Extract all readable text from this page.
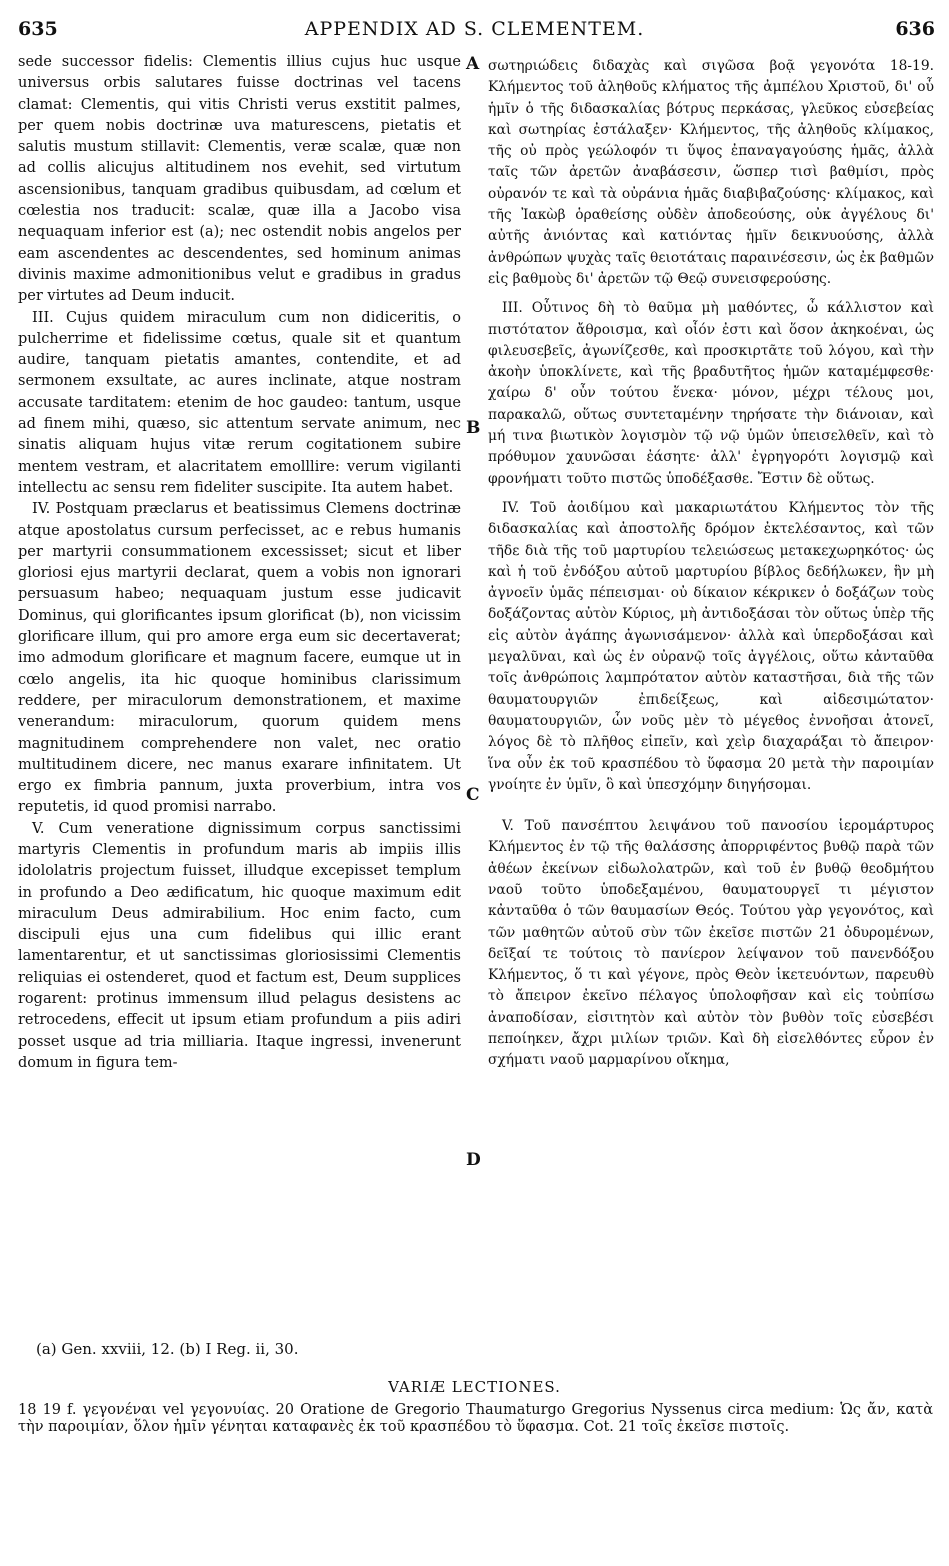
635	APPENDIX AD S. CLEMENTEM.	636

sede successor fidelis: Clementis illius cujus huc usque universus orbis salutares fuisse doctrinas vel tacens clamat: Clementis, qui vitis Christi verus exstitit palmes, per quem nobis doctrinæ uva maturescens, pietatis et salutis mustum stillavit: Clementis, veræ scalæ, quæ non ad collis alicujus altitudinem nos evehit, sed virtutum ascensionibus, tanquam gradibus quibusdam, ad cœlum et cœlestia nos traducit: scalæ, quæ illa a Jacobo visa nequaquam inferior est (a); nec ostendit nobis angelos per eam ascendentes ac descendentes, sed hominum animas divinis maxime admonitionibus velut e gradibus in gradus per virtutes ad Deum inducit.

III. Cujus quidem miraculum cum non didiceritis, o pulcherrime et fidelissime cœtus, quale sit et quantum audire, tanquam pietatis amantes, contendite, et ad sermonem exsultate, ac aures inclinate, atque nostram accusate tarditatem: etenim de hoc gaudeo: tantum, usque ad finem mihi, quæso, sic attentum servate animum, nec sinatis aliquam hujus vitæ rerum cogitationem subire mentem vestram, et alacritatem emolllire: verum vigilanti intellectu ac sensu rem fideliter suscipite. Ita autem habet.

IV. Postquam præclarus et beatissimus Clemens doctrinæ atque apostolatus cursum perfecisset, ac e rebus humanis per martyrii consummationem excessisset; sicut et liber gloriosi ejus martyrii declarat, quem a vobis non ignorari persuasum habeo; nequaquam justum esse judicavit Dominus, qui glorificantes ipsum glorificat (b), non vicissim glorificare illum, qui pro amore erga eum sic decertaverat; imo admodum glorificare et magnum facere, eumque ut in cœlo angelis, ita hic quoque hominibus clarissimum reddere, per miraculorum demonstrationem, et maxime venerandum: miraculorum, quorum quidem mens magnitudinem comprehendere non valet, nec oratio multitudinem dicere, nec manus exarare infinitatem. Ut ergo ex fimbria pannum, juxta proverbium, intra vos reputetis, id quod promisi narrabo.

V. Cum veneratione dignissimum corpus sanctissimi martyris Clementis in profundum maris ab impiis illis idololatris projectum fuisset, illudque excepisset templum in profundo a Deo ædificatum, hic quoque maximum edit miraculum Deus admirabilium. Hoc enim facto, cum discipuli ejus una cum fidelibus qui illic erant lamentarentur, et ut sanctissimas gloriosissimi Clementis reliquias ei ostenderet, quod et factum est, Deum supplices rogarent: protinus immensum illud pelagus desistens ac retrocedens, effecit ut ipsum etiam profundum a piis adiri posset usque ad tria milliaria. Itaque ingressi, invenerunt domum in figura tem-

A
B
C
D

σωτηριώδεις διδαχὰς καὶ σιγῶσα βοᾷ γεγονότα 18-19. Κλήμεντος τοῦ ἀληθοῦς κλήματος τῆς ἀμπέλου Χριστοῦ, δι' οὗ ἡμῖν ὁ τῆς διδασκαλίας βότρυς περκάσας, γλεῦκος εὐσεβείας καὶ σωτηρίας ἐστάλαξεν· Κλήμεντος, τῆς ἀληθοῦς κλίμακος, τῆς οὐ πρὸς γεώλοφόν τι ὕψος ἐπαναγαγούσης ἡμᾶς, ἀλλὰ ταῖς τῶν ἀρετῶν ἀναβάσεσιν, ὥσπερ τισὶ βαθμίσι, πρὸς οὐρανόν τε καὶ τὰ οὐράνια ἡμᾶς διαβιβαζούσης· κλίμακος, καὶ τῆς Ἰακὼβ ὁραθείσης οὐδὲν ἀποδεούσης, οὐκ ἀγγέλους δι' αὐτῆς ἀνιόντας καὶ κατιόντας ἡμῖν δεικνυούσης, ἀλλὰ ἀνθρώπων ψυχὰς ταῖς θειοτάταις παραινέσεσιν, ὡς ἐκ βαθμῶν εἰς βαθμοὺς δι' ἀρετῶν τῷ Θεῷ συνεισφερούσης.

III. Οὗτινος δὴ τὸ θαῦμα μὴ μαθόντες, ὦ κάλλιστον καὶ πιστότατον ἄθροισμα, καὶ οἷόν ἐστι καὶ ὅσον ἀκηκοέναι, ὡς φιλευσεβεῖς, ἀγωνίζεσθε, καὶ προσκιρτᾶτε τοῦ λόγου, καὶ τὴν ἀκοὴν ὑποκλίνετε, καὶ τῆς βραδυτῆτος ἡμῶν καταμέμφεσθε· χαίρω δ' οὖν τούτου ἕνεκα· μόνον, μέχρι τέλους μοι, παρακαλῶ, οὕτως συντεταμένην τηρήσατε τὴν διάνοιαν, καὶ μή τινα βιωτικὸν λογισμὸν τῷ νῷ ὑμῶν ὑπεισελθεῖν, καὶ τὸ πρόθυμον χαυνῶσαι ἐάσητε· ἀλλ' ἐγρηγορότι λογισμῷ καὶ φρονήματι τοῦτο πιστῶς ὑποδέξασθε. Ἔστιν δὲ οὕτως.

IV. Τοῦ ἀοιδίμου καὶ μακαριωτάτου Κλήμεντος τὸν τῆς διδασκαλίας καὶ ἀποστολῆς δρόμον ἐκτελέσαντος, καὶ τῶν τῆδε διὰ τῆς τοῦ μαρτυρίου τελειώσεως μετακεχωρηκότος· ὡς καὶ ἡ τοῦ ἐνδόξου αὐτοῦ μαρτυρίου βίβλος δεδήλωκεν, ἣν μὴ ἀγνοεῖν ὑμᾶς πέπεισμαι· οὐ δίκαιον κέκρικεν ὁ δοξάζων τοὺς δοξάζοντας αὐτὸν Κύριος, μὴ ἀντιδοξάσαι τὸν οὕτως ὑπὲρ τῆς εἰς αὐτὸν ἀγάπης ἀγωνισάμενον· ἀλλὰ καὶ ὑπερδοξάσαι καὶ μεγαλῦναι, καὶ ὡς ἐν οὐρανῷ τοῖς ἀγγέλοις, οὕτω κἀνταῦθα τοῖς ἀνθρώποις λαμπρότατον αὐτὸν καταστῆσαι, διὰ τῆς τῶν θαυματουργιῶν ἐπιδείξεως, καὶ αἰδεσιμώτατον· θαυματουργιῶν, ὧν νοῦς μὲν τὸ μέγεθος ἐννοῆσαι ἀτονεῖ, λόγος δὲ τὸ πλῆθος εἰπεῖν, καὶ χεὶρ διαχαράξαι τὸ ἄπειρον· ἵνα οὖν ἐκ τοῦ κρασπέδου τὸ ὕφασμα 20 μετὰ τὴν παροιμίαν γνοίητε ἐν ὑμῖν, ὃ καὶ ὑπεσχόμην διηγήσομαι.

V. Τοῦ πανσέπτου λειψάνου τοῦ πανοσίου ἱερομάρτυρος Κλήμεντος ἐν τῷ τῆς θαλάσσης ἀπορριφέντος βυθῷ παρὰ τῶν ἀθέων ἐκείνων εἰδωλολατρῶν, καὶ τοῦ ἐν βυθῷ θεοδμήτου ναοῦ τοῦτο ὑποδεξαμένου, θαυματουργεῖ τι μέγιστον κἀνταῦθα ὁ τῶν θαυμασίων Θεός. Τούτου γὰρ γεγονότος, καὶ τῶν μαθητῶν αὐτοῦ σὺν τῶν ἐκεῖσε πιστῶν 21 ὀδυρομένων, δεῖξαί τε τούτοις τὸ πανίερον λείψανον τοῦ πανενδόξου Κλήμεντος, ὅ τι καὶ γέγονε, πρὸς Θεὸν ἱκετευόντων, παρευθὺ τὸ ἄπειρον ἐκεῖνο πέλαγος ὑπολοφῆσαν καὶ εἰς τοὐπίσω ἀναποδίσαν, εἰσιτητὸν καὶ αὐτὸν τὸν βυθὸν τοῖς εὐσεβέσι πεποίηκεν, ἄχρι μιλίων τριῶν. Καὶ δὴ εἰσελθόντες εὗρον ἐν σχήματι ναοῦ μαρμαρίνου οἴκημα,

(a) Gen. xxviii, 12. (b) I Reg. ii, 30.
VARIÆ LECTIONES.
18 19 f. γεγονέναι vel γεγονυίας. 20 Oratione de Gregorio Thaumaturgo Gregorius Nyssenus circa medium: Ὡς ἄν, κατὰ τὴν παροιμίαν, ὅλον ἡμῖν γένηται καταφανὲς ἐκ τοῦ κρασπέδου τὸ ὕφασμα. Cot. 21 τοῖς ἐκεῖσε πιστοῖς.
